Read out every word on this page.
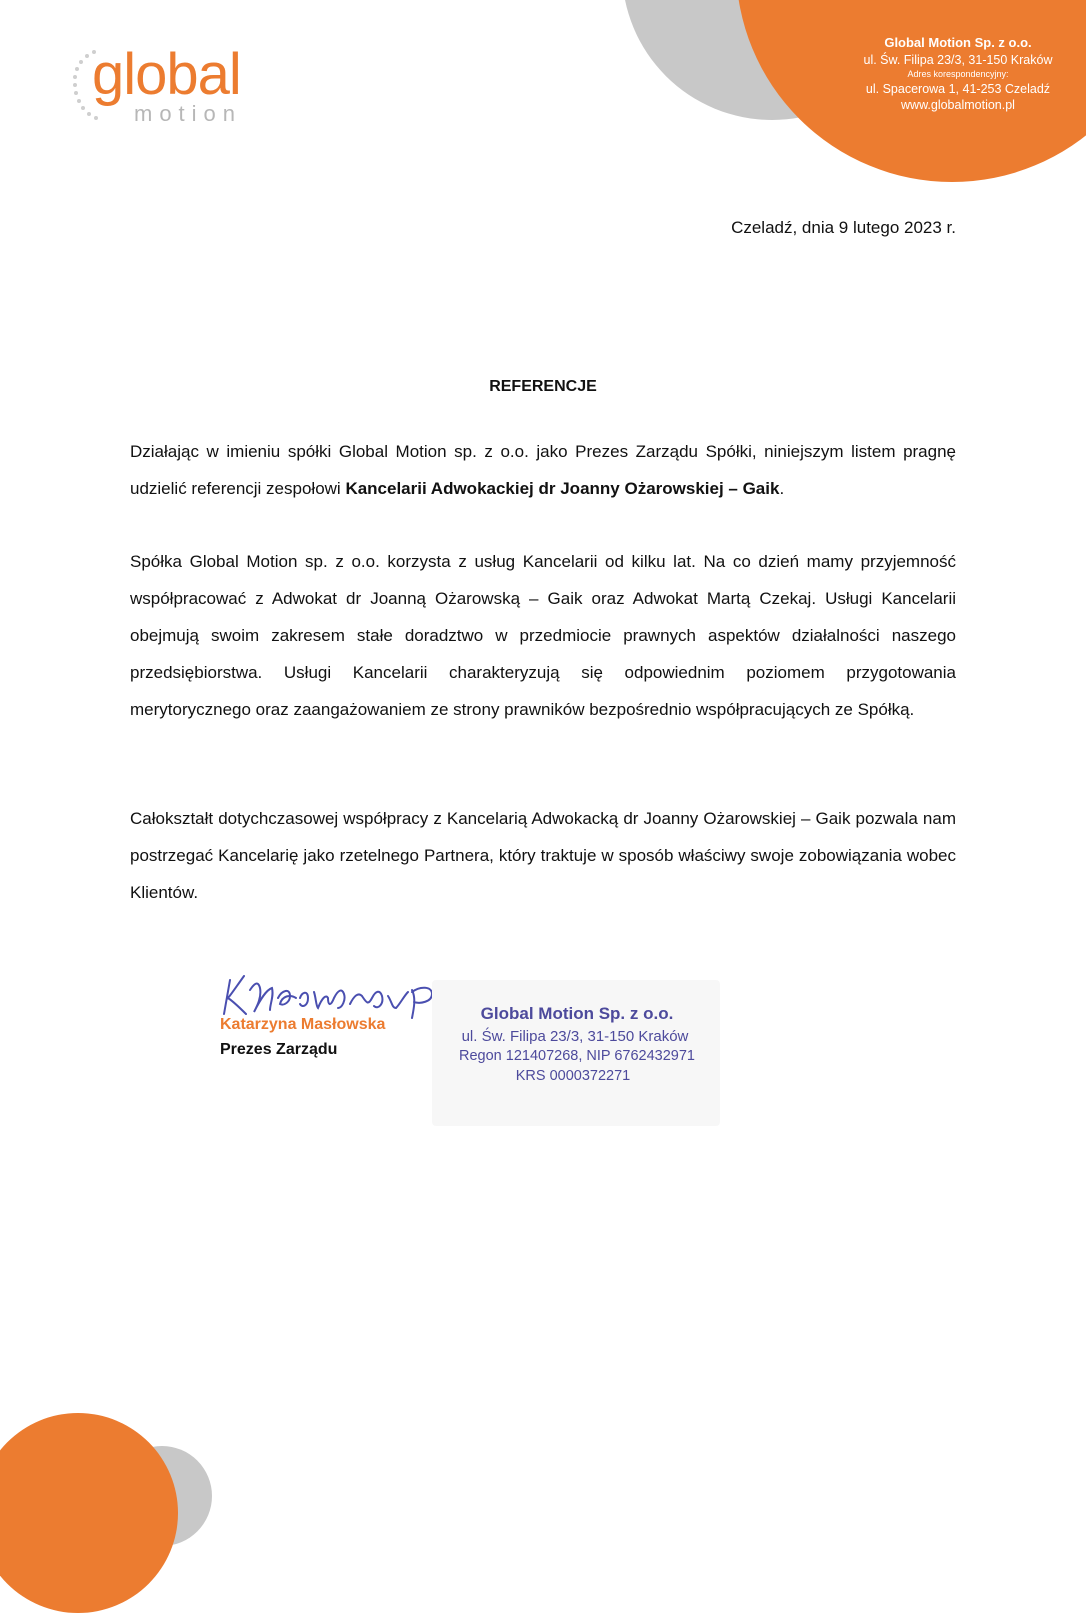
Global Motion Sp. z o.o.
ul. Św. Filipa 23/3, 31-150 Kraków
Adres korespondencyjny:
ul. Spacerowa 1, 41-253 Czeladź
www.globalmotion.pl
global
motion
Czeladź, dnia 9 lutego 2023 r.
REFERENCJE
Działając w imieniu spółki Global Motion sp. z o.o. jako Prezes Zarządu Spółki, niniejszym listem pragnę udzielić referencji zespołowi Kancelarii Adwokackiej dr Joanny Ożarowskiej – Gaik.
Spółka Global Motion sp. z o.o. korzysta z usług Kancelarii od kilku lat. Na co dzień mamy przyjemność współpracować z Adwokat dr Joanną Ożarowską – Gaik oraz Adwokat Martą Czekaj. Usługi Kancelarii obejmują swoim zakresem stałe doradztwo w przedmiocie prawnych aspektów działalności naszego przedsiębiorstwa. Usługi Kancelarii charakteryzują się odpowiednim poziomem przygotowania merytorycznego oraz zaangażowaniem ze strony prawników bezpośrednio współpracujących ze Spółką.
Całokształt dotychczasowej współpracy z Kancelarią Adwokacką dr Joanny Ożarowskiej – Gaik pozwala nam postrzegać Kancelarię jako rzetelnego Partnera, który traktuje w sposób właściwy swoje zobowiązania wobec Klientów.
Katarzyna Masłowska
Prezes Zarządu
Global Motion Sp. z o.o.
ul. Św. Filipa 23/3, 31-150 Kraków
Regon 121407268, NIP 6762432971
KRS 0000372271
